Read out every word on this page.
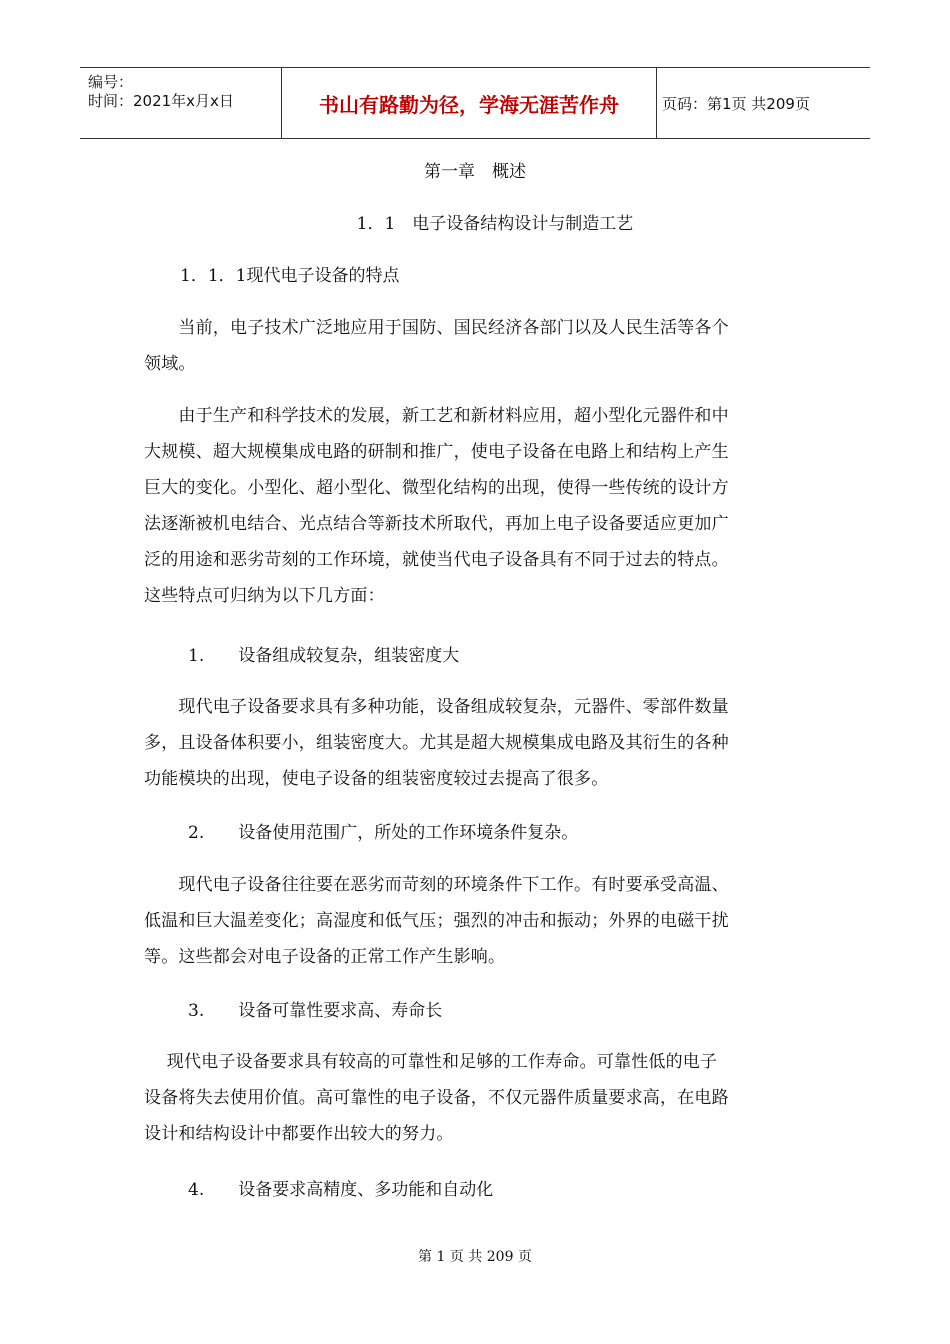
编号：
时间：2021年x月x日	书山有路勤为径，学海无涯苦作舟	页码：第1页 共209页
第一章　概述
1．1　电子设备结构设计与制造工艺
1．1．1现代电子设备的特点
　　当前，电子技术广泛地应用于国防、国民经济各部门以及人民生活等各个
领域。
　　由于生产和科学技术的发展，新工艺和新材料应用，超小型化元器件和中
大规模、超大规模集成电路的研制和推广，使电子设备在电路上和结构上产生
巨大的变化。小型化、超小型化、微型化结构的出现，使得一些传统的设计方
法逐渐被机电结合、光点结合等新技术所取代，再加上电子设备要适应更加广
泛的用途和恶劣苛刻的工作环境，就使当代电子设备具有不同于过去的特点。
这些特点可归纳为以下几方面：
1.　　设备组成较复杂，组装密度大
　　现代电子设备要求具有多种功能，设备组成较复杂，元器件、零部件数量
多，且设备体积要小，组装密度大。尤其是超大规模集成电路及其衍生的各种
功能模块的出现，使电子设备的组装密度较过去提高了很多。
2.　　设备使用范围广，所处的工作环境条件复杂。
　　现代电子设备往往要在恶劣而苛刻的环境条件下工作。有时要承受高温、
低温和巨大温差变化；高湿度和低气压；强烈的冲击和振动；外界的电磁干扰
等。这些都会对电子设备的正常工作产生影响。
3.　　设备可靠性要求高、寿命长
　 现代电子设备要求具有较高的可靠性和足够的工作寿命。可靠性低的电子
设备将失去使用价值。高可靠性的电子设备，不仅元器件质量要求高，在电路
设计和结构设计中都要作出较大的努力。
4.　　设备要求高精度、多功能和自动化
第 1 页 共 209 页
